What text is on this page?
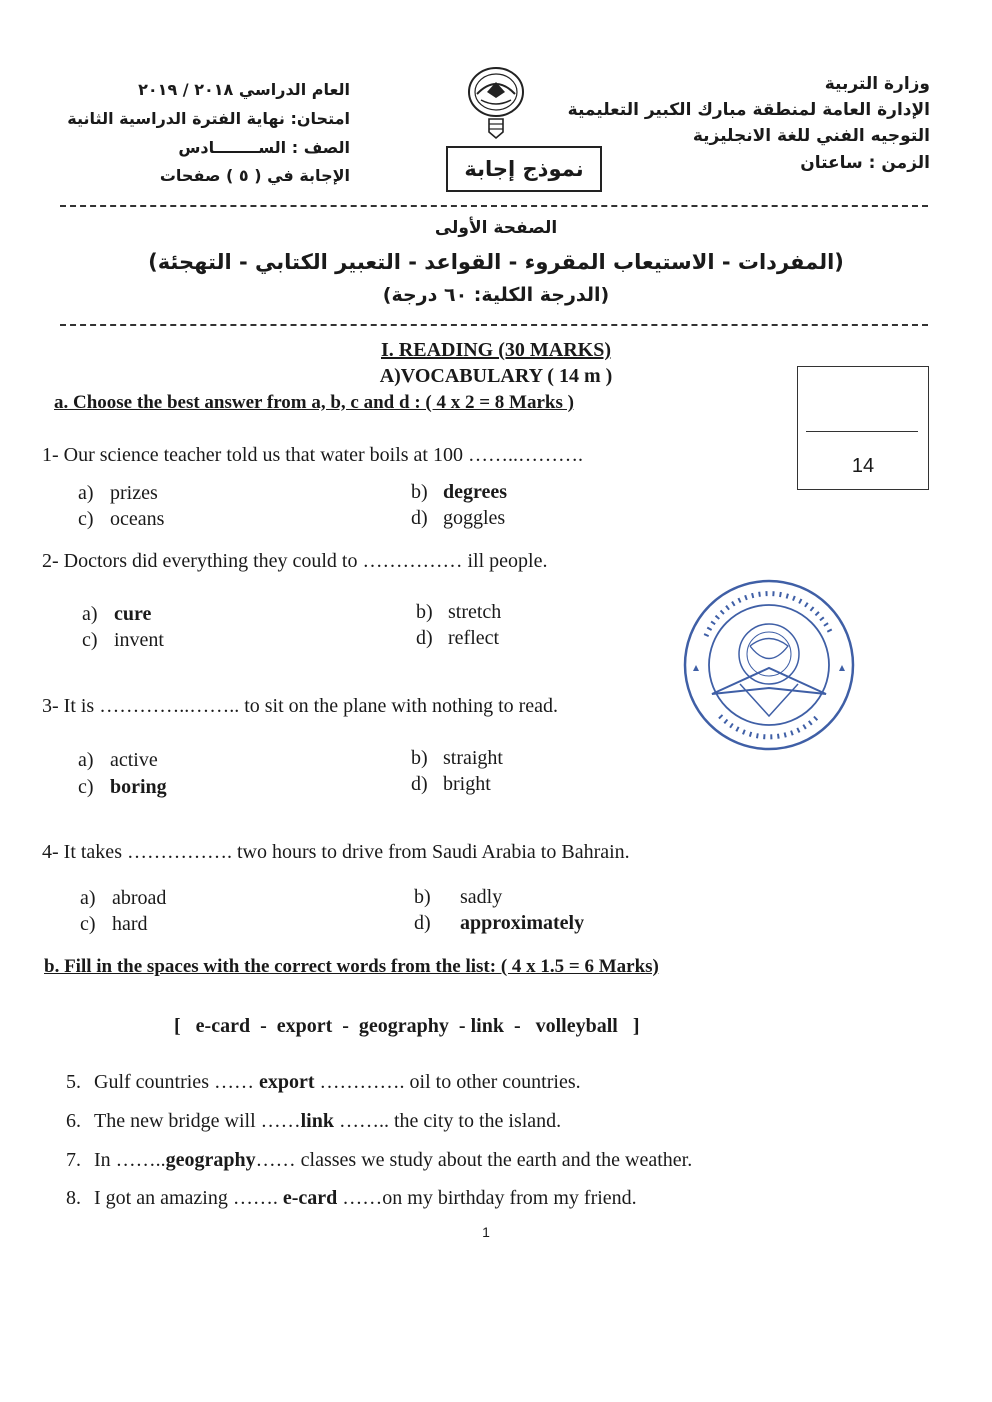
وزارة التربية
الإدارة العامة لمنطقة مبارك الكبير التعليمية
التوجيه الفني للغة الانجليزية
الزمن : ساعتان
العام الدراسي ٢٠١٨ / ٢٠١٩
امتحان: نهاية الفترة الدراسية الثانية
الصف : الســــــــادس
الإجابة في ( ٥ ) صفحات	نموذج إجابة
الصفحة الأولى
(المفردات - الاستيعاب المقروء - القواعد - التعبير الكتابي - التهجئة)
(الدرجة الكلية: ٦٠ درجة)
I. READING (30 MARKS)
A)VOCABULARY ( 14 m )
a. Choose the best answer from a, b, c and d : ( 4 x 2 = 8 Marks )
14
1- Our science teacher told us that water boils at 100 ……..……….
a) prizes	b) degrees
c) oceans	d) goggles
2- Doctors did everything they could to …………… ill people.
a) cure	b) stretch
c) invent	d) reflect
3- It is …………..…….. to sit on the plane with nothing to read.
a) active	b) straight
c) boring	d) bright
4- It takes ……………. two hours to drive from Saudi Arabia to Bahrain.
a) abroad	b) sadly
c) hard	d) approximately
b. Fill in the spaces with the correct words from the list: ( 4 x 1.5 = 6 Marks)
[   e-card  -  export  -  geography  - link  -   volleyball   ]
5. Gulf countries …… export …………. oil to other countries.
6. The new bridge will ……link …….. the city to the island.
7. In ……..geography…… classes we study about the earth and the weather.
8. I got an amazing ……. e-card ……on my birthday from my friend.
1
